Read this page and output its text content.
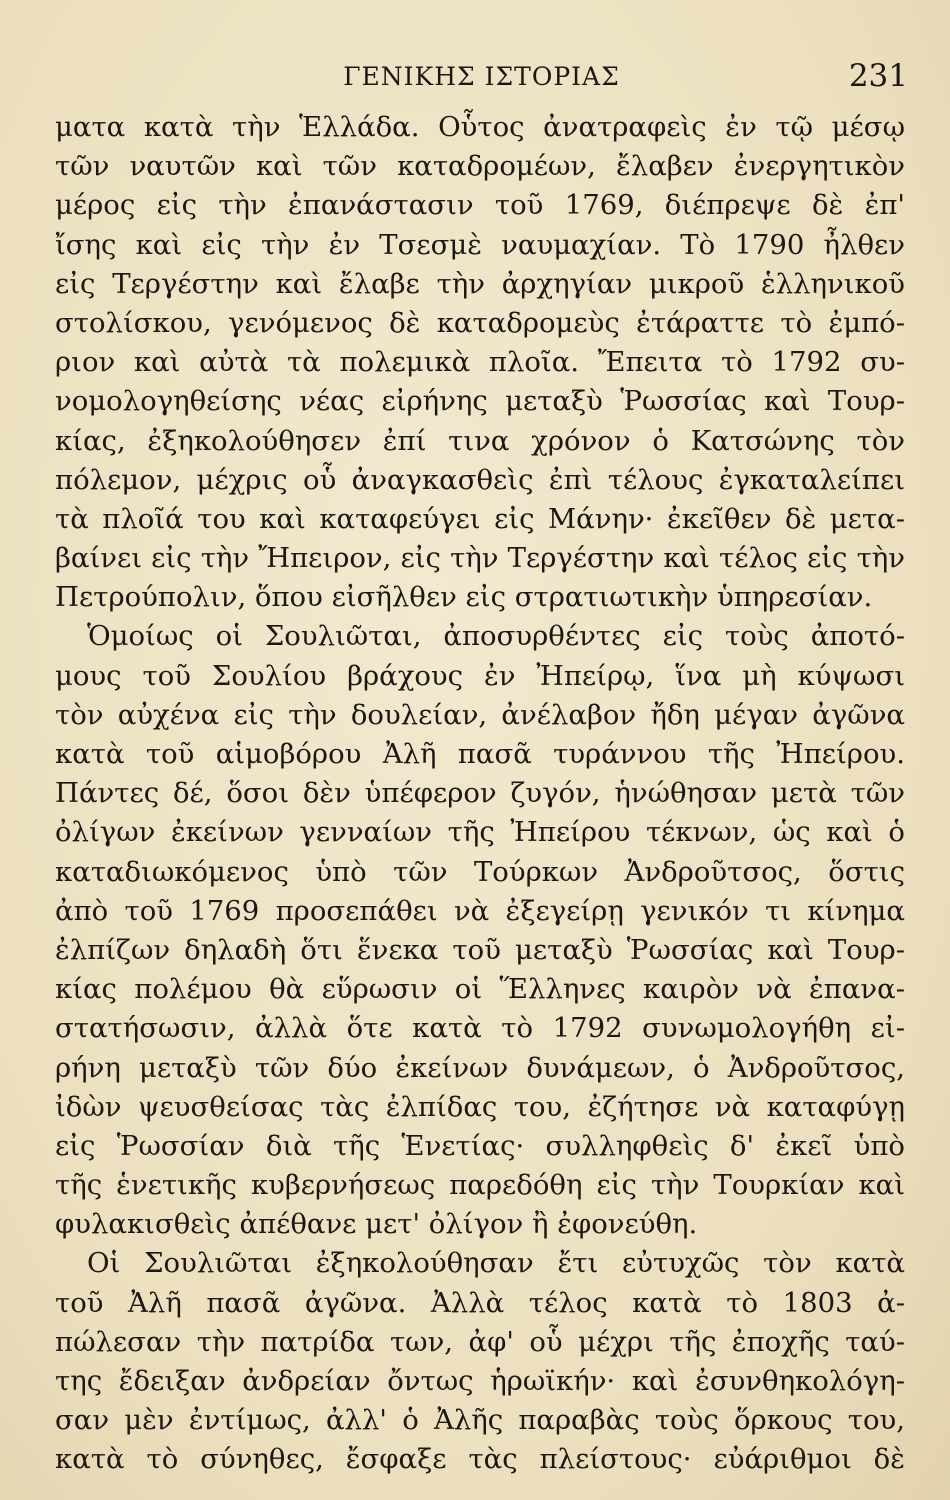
ΓΕΝΙΚΗΣ ΙΣΤΟΡΙΑΣ	231
ματα κατὰ τὴν Ἑλλάδα. Οὗτος ἀνατραφεὶς ἐν τῷ μέσῳ
τῶν ναυτῶν καὶ τῶν καταδρομέων, ἔλαβεν ἐνεργητικὸν
μέρος εἰς τὴν ἐπανάστασιν τοῦ 1769, διέπρεψε δὲ ἐπ'
ἴσης καὶ εἰς τὴν ἐν Τσεσμὲ ναυμαχίαν. Τὸ 1790 ἦλθεν
εἰς Τεργέστην καὶ ἔλαβε τὴν ἀρχηγίαν μικροῦ ἑλληνικοῦ
στολίσκου, γενόμενος δὲ καταδρομεὺς ἐτάραττε τὸ ἐμπό-
ριον καὶ αὐτὰ τὰ πολεμικὰ πλοῖα. Ἔπειτα τὸ 1792 συ-
νομολογηθείσης νέας εἰρήνης μεταξὺ Ῥωσσίας καὶ Τουρ-
κίας, ἐξηκολούθησεν ἐπί τινα χρόνον ὁ Κατσώνης τὸν
πόλεμον, μέχρις οὗ ἀναγκασθεὶς ἐπὶ τέλους ἐγκαταλείπει
τὰ πλοῖά του καὶ καταφεύγει εἰς Μάνην· ἐκεῖθεν δὲ μετα-
βαίνει εἰς τὴν Ἤπειρον, εἰς τὴν Τεργέστην καὶ τέλος εἰς τὴν
Πετρούπολιν, ὅπου εἰσῆλθεν εἰς στρατιωτικὴν ὑπηρεσίαν.
Ὁμοίως οἱ Σουλιῶται, ἀποσυρθέντες εἰς τοὺς ἀποτό-
μους τοῦ Σουλίου βράχους ἐν Ἠπείρῳ, ἵνα μὴ κύψωσι
τὸν αὐχένα εἰς τὴν δουλείαν, ἀνέλαβον ἤδη μέγαν ἀγῶνα
κατὰ τοῦ αἱμοβόρου Ἀλῆ πασᾶ τυράννου τῆς Ἠπείρου.
Πάντες δέ, ὅσοι δὲν ὑπέφερον ζυγόν, ἡνώθησαν μετὰ τῶν
ὀλίγων ἐκείνων γενναίων τῆς Ἠπείρου τέκνων, ὡς καὶ ὁ
καταδιωκόμενος ὑπὸ τῶν Τούρκων Ἀνδροῦτσος, ὅστις
ἀπὸ τοῦ 1769 προσεπάθει νὰ ἐξεγείρῃ γενικόν τι κίνημα
ἐλπίζων δηλαδὴ ὅτι ἕνεκα τοῦ μεταξὺ Ῥωσσίας καὶ Τουρ-
κίας πολέμου θὰ εὕρωσιν οἱ Ἕλληνες καιρὸν νὰ ἐπανα-
στατήσωσιν, ἀλλὰ ὅτε κατὰ τὸ 1792 συνωμολογήθη εἰ-
ρήνη μεταξὺ τῶν δύο ἐκείνων δυνάμεων, ὁ Ἀνδροῦτσος,
ἰδὼν ψευσθείσας τὰς ἐλπίδας του, ἐζήτησε νὰ καταφύγῃ
εἰς Ῥωσσίαν διὰ τῆς Ἑνετίας· συλληφθεὶς δ' ἐκεῖ ὑπὸ
τῆς ἑνετικῆς κυβερνήσεως παρεδόθη εἰς τὴν Τουρκίαν καὶ
φυλακισθεὶς ἀπέθανε μετ' ὀλίγον ἢ ἐφονεύθη.
Οἱ Σουλιῶται ἐξηκολούθησαν ἔτι εὐτυχῶς τὸν κατὰ
τοῦ Ἀλῆ πασᾶ ἀγῶνα. Ἀλλὰ τέλος κατὰ τὸ 1803 ἀ-
πώλεσαν τὴν πατρίδα των, ἀφ' οὗ μέχρι τῆς ἐποχῆς ταύ-
της ἔδειξαν ἀνδρείαν ὄντως ἡρωϊκήν· καὶ ἐσυνθηκολόγη-
σαν μὲν ἐντίμως, ἀλλ' ὁ Ἀλῆς παραβὰς τοὺς ὅρκους του,
κατὰ τὸ σύνηθες, ἔσφαξε τὰς πλείστους· εὐάριθμοι δὲ
